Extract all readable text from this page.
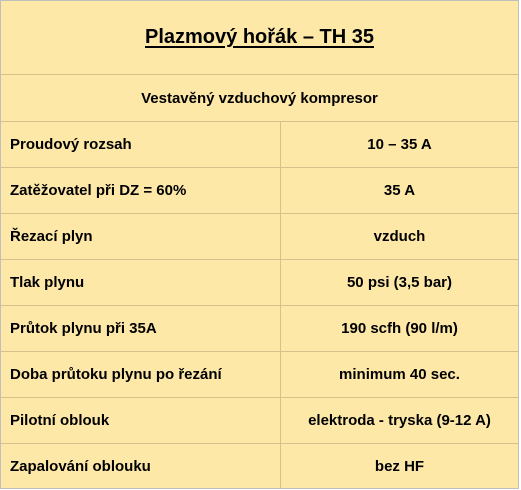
Plazmový hořák – TH 35
Vestavěný vzduchový kompresor
Proudový rozsah	10 – 35 A
Zatěžovatel při DZ = 60%	35 A
Řezací plyn	vzduch
Tlak plynu	50 psi (3,5 bar)
Průtok plynu při 35A	190 scfh (90 l/m)
Doba průtoku plynu po řezání	minimum 40 sec.
Pilotní oblouk	elektroda - tryska (9-12 A)
Zapalování oblouku	bez HF
